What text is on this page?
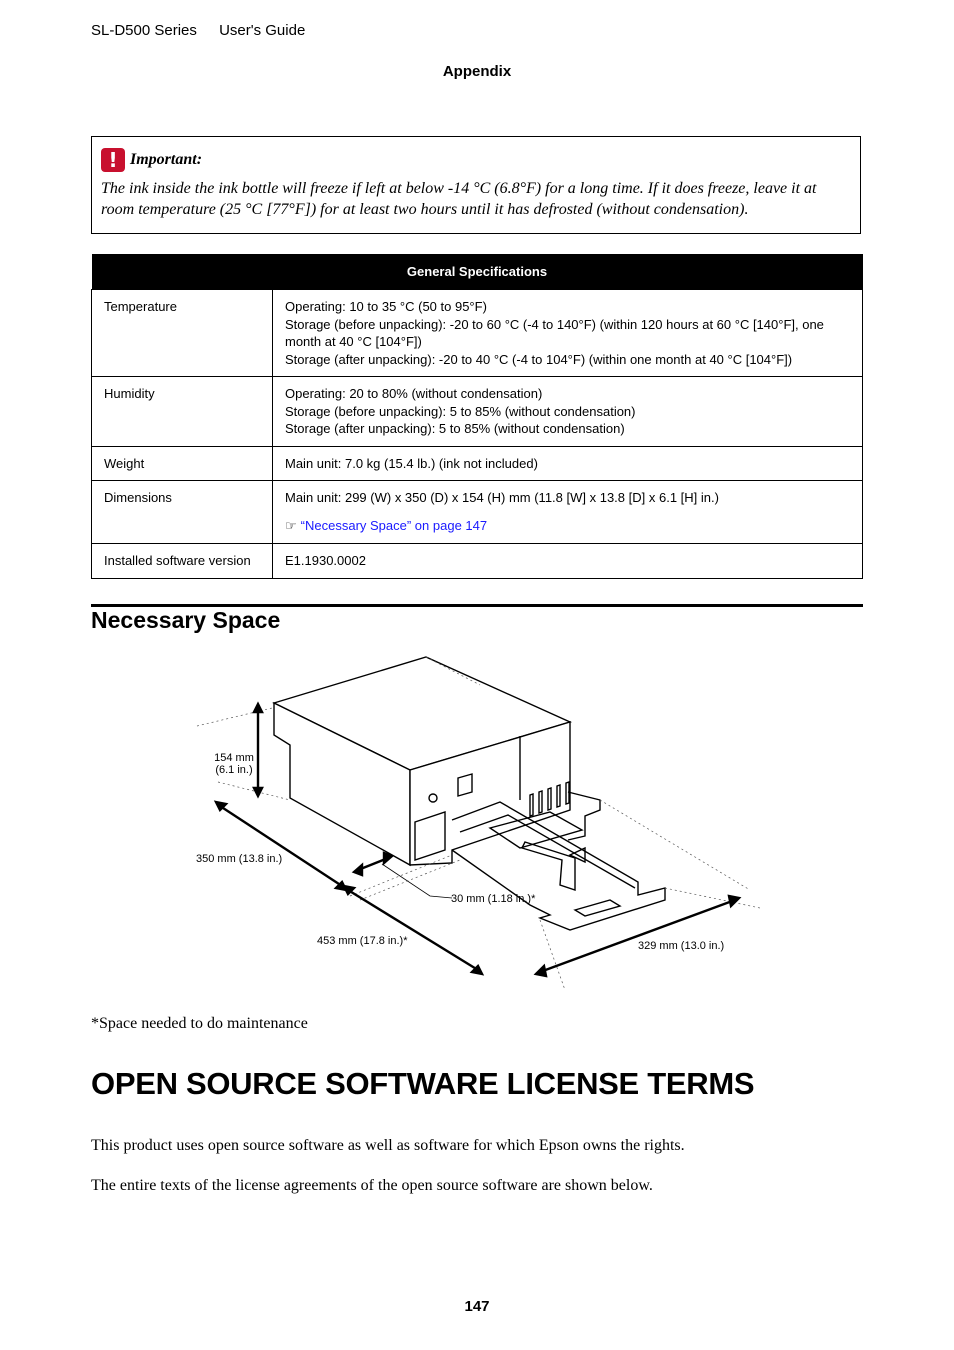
SL-D500 Series User's Guide
Appendix
! Important:
The ink inside the ink bottle will freeze if left at below -14 °C (6.8°F) for a long time. If it does freeze, leave it at room temperature (25 °C [77°F]) for at least two hours until it has defrosted (without condensation).
General Specifications	
Temperature	Operating: 10 to 35 °C (50 to 95°F)
Storage (before unpacking): -20 to 60 °C (-4 to 140°F) (within 120 hours at 60 °C [140°F], one month at 40 °C [104°F])
Storage (after unpacking): -20 to 40 °C (-4 to 104°F) (within one month at 40 °C [104°F])

Humidity	Operating: 20 to 80% (without condensation)
Storage (before unpacking): 5 to 85% (without condensation)
Storage (after unpacking): 5 to 85% (without condensation)

Weight	Main unit: 7.0 kg (15.4 lb.) (ink not included)

Dimensions	Main unit: 299 (W) x 350 (D) x 154 (H) mm (11.8 [W] x 13.8 [D] x 6.1 [H] in.)
☞ “Necessary Space” on page 147

Installed software version	E1.1930.0002
Necessary Space
154 mm
(6.1 in.)
350 mm (13.8 in.)
30 mm (1.18 in.)*
453 mm (17.8 in.)*	329 mm (13.0 in.)
*Space needed to do maintenance
OPEN SOURCE SOFTWARE LICENSE TERMS
This product uses open source software as well as software for which Epson owns the rights.
The entire texts of the license agreements of the open source software are shown below.
147
